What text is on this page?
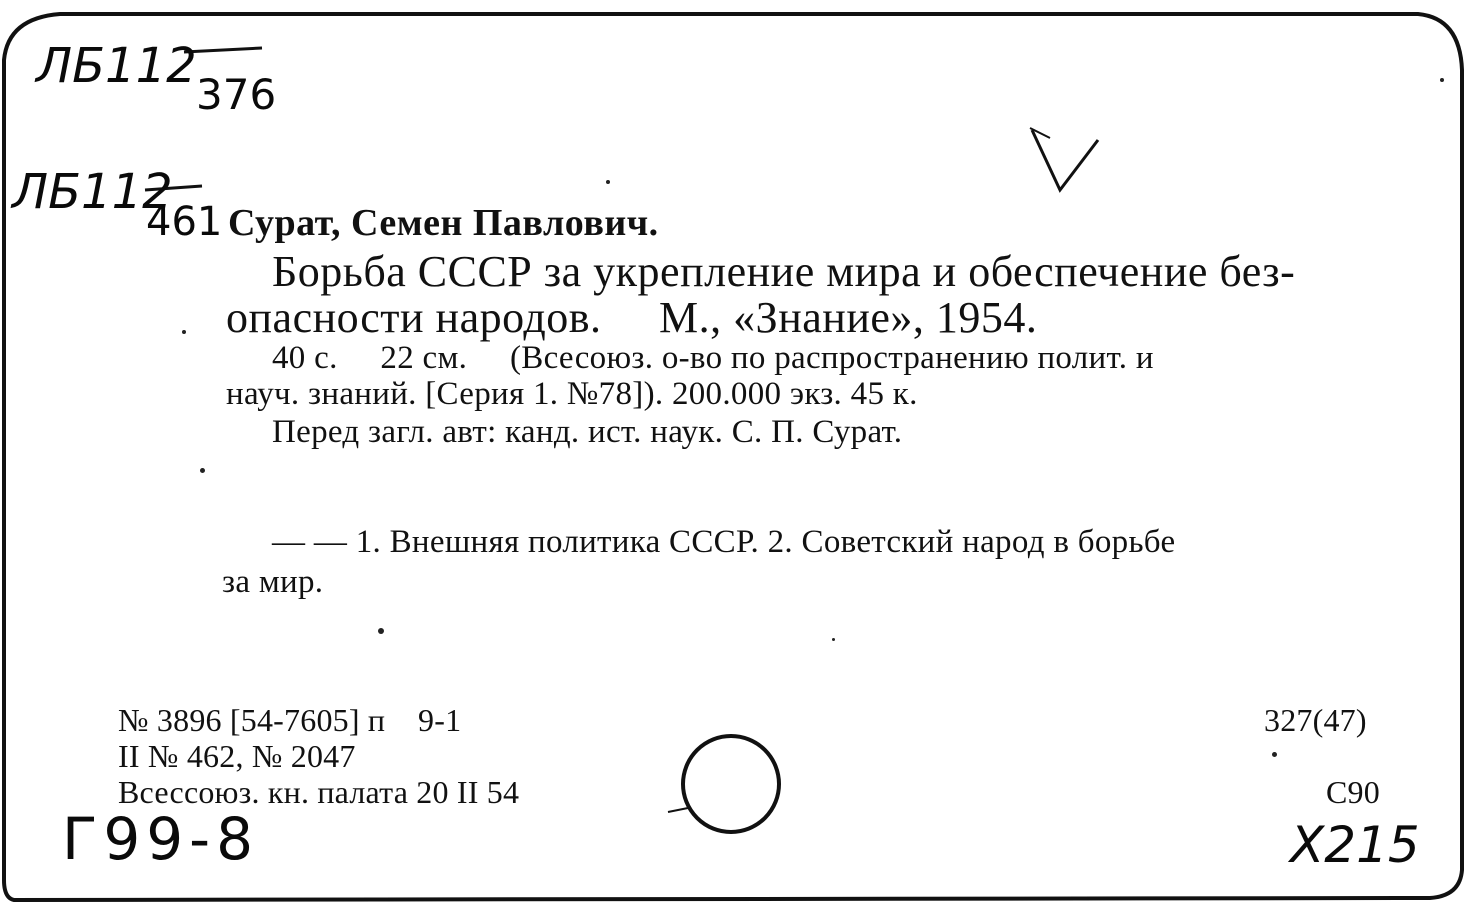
ЛБ112
376
ЛБ112
461
Г99-8	Х215
Сурат, Семен Павлович.
Борьба СССР за укрепление мира и обеспечение без-
опасности народов.     М., «Знание», 1954.
40 с.     22 см.     (Всесоюз. о-во по распространению полит. и
науч. знаний. [Серия 1. №78]). 200.000 экз. 45 к.
Перед загл. авт: канд. ист. наук. С. П. Сурат.
— — 1. Внешняя политика СССР. 2. Советский народ в борьбе
за мир.
№ 3896 [54-7605] п    9-1
II № 462, № 2047
Всессоюз. кн. палата 20 II 54
327(47)
С90
